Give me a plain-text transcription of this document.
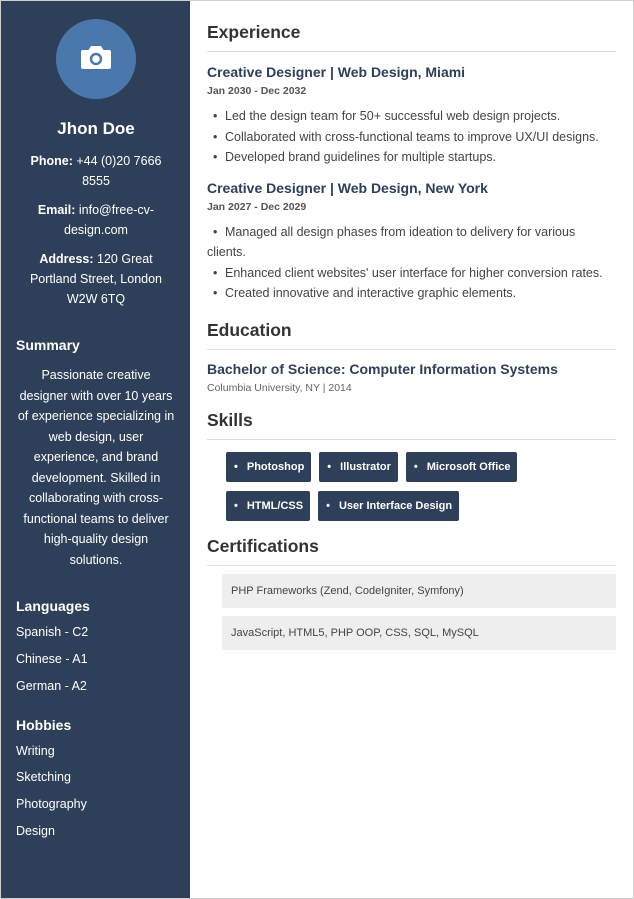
Jhon Doe
Phone: +44 (0)20 7666 8555
Email: info@free-cv-design.com
Address: 120 Great Portland Street, London W2W 6TQ
Summary
Passionate creative designer with over 10 years of experience specializing in web design, user experience, and brand development. Skilled in collaborating with cross-functional teams to deliver high-quality design solutions.
Languages
Spanish - C2
Chinese - A1
German - A2
Hobbies
Writing
Sketching
Photography
Design
Experience
Creative Designer | Web Design, Miami
Jan 2030 - Dec 2032
• Led the design team for 50+ successful web design projects.
• Collaborated with cross-functional teams to improve UX/UI designs.
• Developed brand guidelines for multiple startups.
Creative Designer | Web Design, New York
Jan 2027 - Dec 2029
• Managed all design phases from ideation to delivery for various clients.
• Enhanced client websites' user interface for higher conversion rates.
• Created innovative and interactive graphic elements.
Education
Bachelor of Science: Computer Information Systems
Columbia University, NY | 2014
Skills
• Photoshop	• Illustrator	• Microsoft Office
• HTML/CSS	• User Interface Design
Certifications
PHP Frameworks (Zend, CodeIgniter, Symfony)
JavaScript, HTML5, PHP OOP, CSS, SQL, MySQL
